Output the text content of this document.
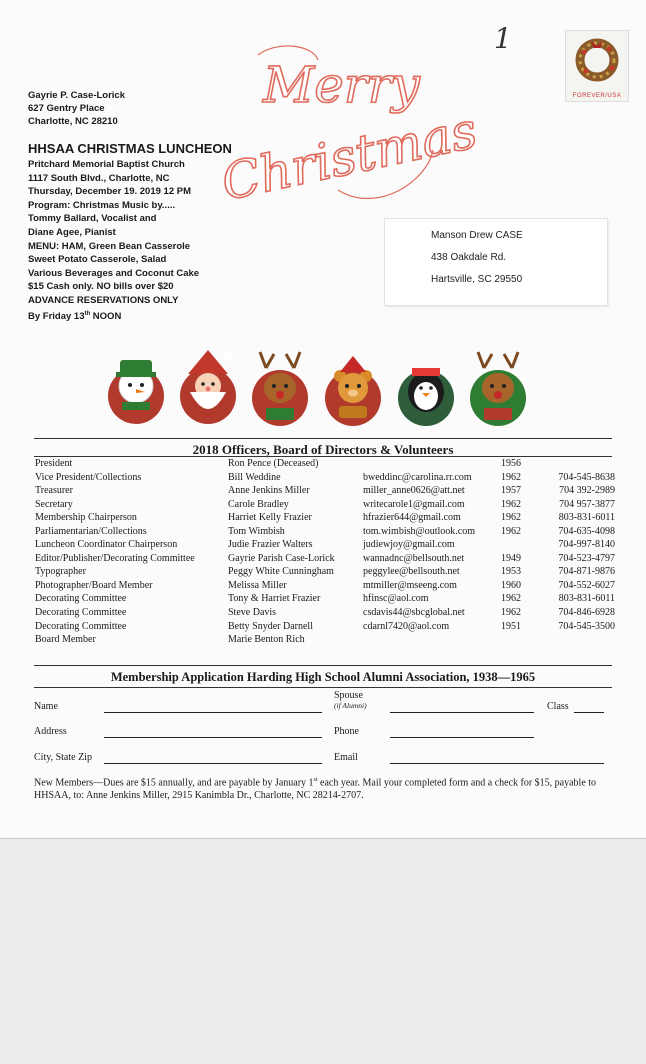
1
FOREVER/USA
Gayrie P. Case-Lorick
627 Gentry Place
Charlotte, NC 28210
HHSAA CHRISTMAS LUNCHEON
Pritchard Memorial Baptist Church
1117 South Blvd., Charlotte, NC
Thursday, December 19. 2019 12 PM
Program: Christmas Music by.....
Tommy Ballard, Vocalist and
Diane Agee, Pianist
MENU: HAM, Green Bean Casserole
Sweet Potato Casserole, Salad
Various Beverages and Coconut Cake
$15 Cash only. NO bills over $20
ADVANCE RESERVATIONS ONLY
By Friday 13th NOON
Merry
Christmas
Manson Drew CASE
438 Oakdale Rd.
Hartsville, SC 29550
2018 Officers, Board of Directors & Volunteers
President	Ron Pence (Deceased)		1956	
Vice President/Collections	Bill Weddine	bweddinc@carolina.rr.com	1962	704-545-8638
Treasurer	Anne Jenkins Miller	miller_anne0626@att.net	1957	704 392-2989
Secretary	Carole Bradley	writecarole1@gmail.com	1962	704 957-3877
Membership Chairperson	Harriet Kelly Frazier	hfrazier644@gmail.com	1962	803-831-6011
Parliamentarian/Collections	Tom Wimbish	tom.wimbish@outlook.com	1962	704-635-4098
Luncheon Coordinator Chairperson	Judie Frazier Walters	judiewjoy@gmail.com		704-997-8140
Editor/Publisher/Decorating Committee	Gayrie Parish Case-Lorick	wannadnc@bellsouth.net	1949	704-523-4797
Typographer	Peggy White Cunningham	peggylee@bellsouth.net	1953	704-871-9876
Photographer/Board Member	Melissa Miller	mtmiller@mseeng.com	1960	704-552-6027
Decorating Committee	Tony & Harriet Frazier	hfinsc@aol.com	1962	803-831-6011
Decorating Committee	Steve Davis	csdavis44@sbcglobal.net	1962	704-846-6928
Decorating Committee	Betty Snyder Darnell	cdarnl7420@aol.com	1951	704-545-3500
Board Member	Marie Benton Rich			
Membership Application Harding High School Alumni Association, 1938—1965
Name
Spouse
(if Alumni)	Class
Address	Phone
City, State Zip	Email
New Members—Dues are $15 annually, and are payable by January 1st each year. Mail your completed form and a check for $15, payable to HHSAA, to: Anne Jenkins Miller, 2915 Kanimbla Dr., Charlotte, NC 28214-2707.
